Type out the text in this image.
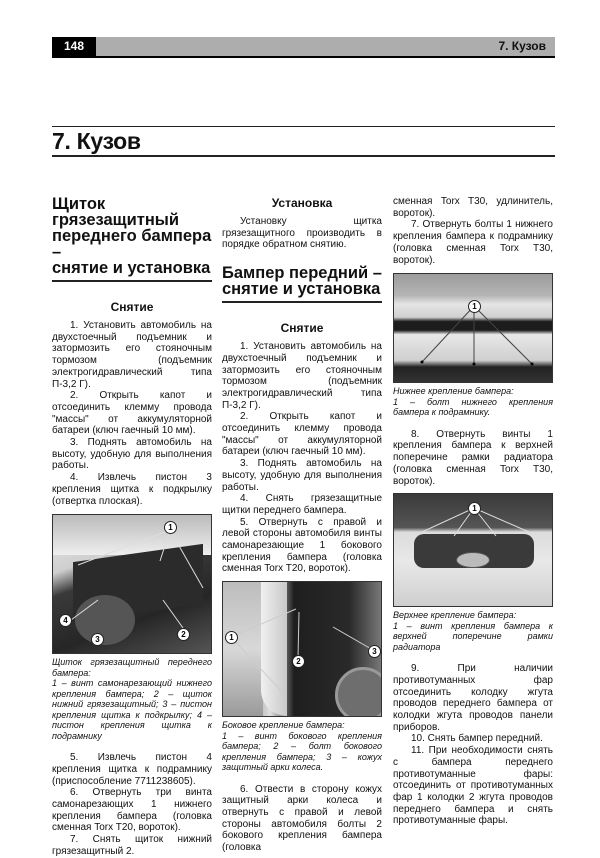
148	7. Кузов
7. Кузов
Щиток
грязезащитный
переднего бампера –
снятие и установка
Снятие

1. Установить автомобиль на двухстоечный подъемник и затормозить его стояночным тормозом (подъемник электрогидравлический типа П-3,2 Г).

2. Открыть капот и отсоединить клемму провода "массы" от аккумуляторной батареи (ключ гаечный 10 мм).

3. Поднять автомобиль на высоту, удобную для выполнения работы.

4. Извлечь пистон 3 крепления щитка к подкрылку (отвертка плоская).

1
2
3
4
Щиток грязезащитный переднего бампера:
1 – винт самонарезающий нижнего крепления бампера; 2 – щиток нижний грязезащитный; 3 – пистон крепления щитка к подкрылку; 4 – пистон крепления щитка к подрамнику

5. Извлечь пистон 4 крепления щитка к подрамнику (приспособление 7711238605).

6. Отвернуть три винта самонарезающих 1 нижнего крепления бампера (головка сменная Torx T20, вороток).

7. Снять щиток нижний грязезащитный 2.

Установка

Установку щитка грязезащитного производить в порядке обратном снятию.

Бампер передний –
снятие и установка
Снятие

1. Установить автомобиль на двухстоечный подъемник и затормозить его стояночным тормозом (подъемник электрогидравлический типа П-3,2 Г).

2. Открыть капот и отсоединить клемму провода "массы" от аккумуляторной батареи (ключ гаечный 10 мм).

3. Поднять автомобиль на высоту, удобную для выполнения работы.

4. Снять грязезащитные щитки переднего бампера.

5. Отвернуть с правой и левой стороны автомобиля винты самонарезающие 1 бокового крепления бампера (головка сменная Torx T20, вороток).

1
2
3
Боковое крепление бампера:
1 – винт бокового крепления бампера; 2 – болт бокового крепления бампера; 3 – кожух защитный арки колеса.

6. Отвести в сторону кожух защитный арки колеса и отвернуть с правой и левой стороны автомобиля болты 2 бокового крепления бампера (головка

сменная Torx T30, удлинитель, вороток).

7. Отвернуть болты 1 нижнего крепления бампера к подрамнику (головка сменная Torx T30, вороток).

1
Нижнее крепление бампера:
1 – болт нижнего крепления бампера к подрамнику.

8. Отвернуть винты 1 крепления бампера к верхней поперечине рамки радиатора (головка сменная Torx T30, вороток).

1
Верхнее крепление бампера:
1 – винт крепления бампера к верхней поперечине рамки радиатора

9. При наличии противотуманных фар отсоединить колодку жгута проводов переднего бампера от колодки жгута проводов панели приборов.

10. Снять бампер передний.

11. При необходимости снять с бампера переднего противотуманные фары: отсоединить от противотуманных фар 1 колодки 2 жгута проводов переднего бампера и снять противотуманные фары.
